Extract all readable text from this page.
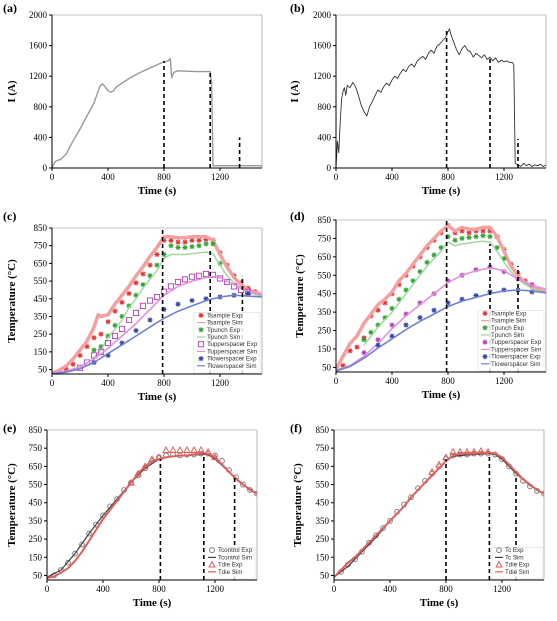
(a)
0	400	800	1200
0
400
800
1200
1600
2000
Time (s)
I (A)
(b)
0	400	800	1200
0
400
800
1200
1600
2000
Time (s)
I (A)
(c)
0	400	800	1200
50
150
250
350
450
550
650
750
850
Time (s)
Temperature (°C)	Tsample Exp
Tsample Sim
Tpunch Exp
Tpunch Sim
Tupperspacer Exp
Tupperspacer Sim
Tlowerspacer Exp
Tlowerspacer Sim
(d)
0	400	800	1200
50
150
250
350
450
550
650
750
850
Time (s)
Temperature (°C)	Tsample Exp
Tsample Sim
Tpunch Exp
Tpunch Sim
Tupperspacer Exp
Tupperspacer Sim
Tlowerspacer Exp
Tlowerspacer Sim
(e)
0	400	800	1200
50
150
250
350
450
550
650
750
850
Time (s)
Temperature (°C)
Tcontrol Exp
Tcontrol Sim
Tdie Exp
Tdie Sim
(f)
0	400	800	1200
50
150
250
350
450
550
650
750
850
Time (s)
Temperature (°C)
Tc Exp
Tc Sim
Tdie Exp
Tdie Sim
